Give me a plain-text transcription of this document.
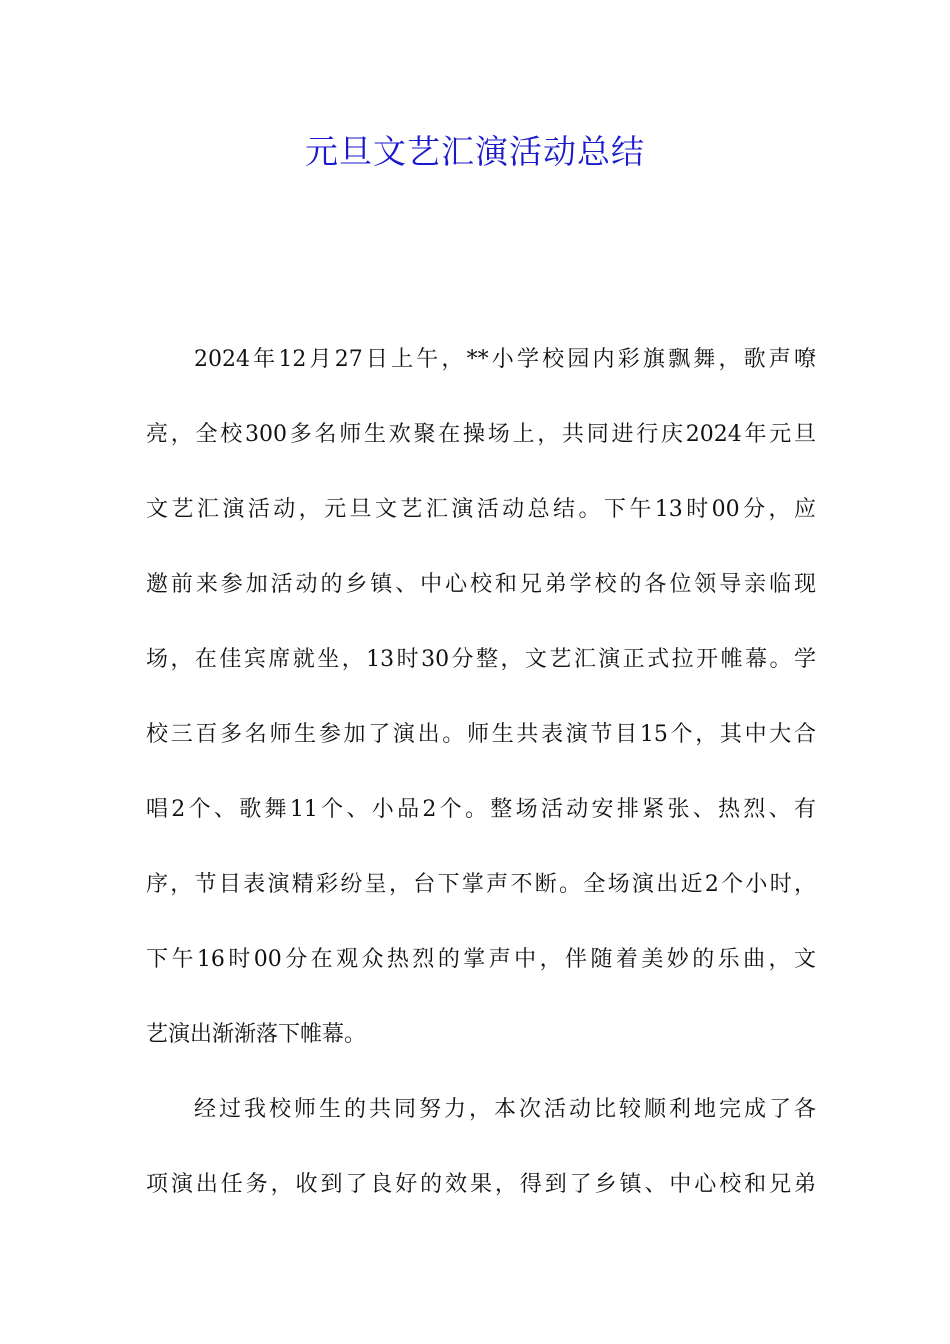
元旦文艺汇演活动总结
2024年12月27日上午，**小学校园内彩旗飘舞，歌声嘹
亮，全校300多名师生欢聚在操场上，共同进行庆2024年元旦
文艺汇演活动，元旦文艺汇演活动总结。下午13时00分，应
邀前来参加活动的乡镇、中心校和兄弟学校的各位领导亲临现
场，在佳宾席就坐，13时30分整，文艺汇演正式拉开帷幕。学
校三百多名师生参加了演出。师生共表演节目15个，其中大合
唱2个、歌舞11个、小品2个。整场活动安排紧张、热烈、有
序，节目表演精彩纷呈，台下掌声不断。全场演出近2个小时，
下午16时00分在观众热烈的掌声中，伴随着美妙的乐曲，文
艺演出渐渐落下帷幕。
经过我校师生的共同努力，本次活动比较顺利地完成了各
项演出任务，收到了良好的效果，得到了乡镇、中心校和兄弟
